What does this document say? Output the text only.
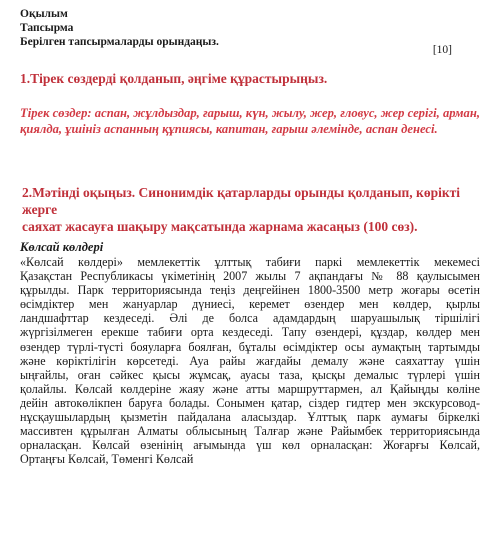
Оқылым
Тапсырма
Берілген тапсырмаларды орындаңыз.
[10]
1.Тірек сөздерді қолданып, әңгіме құрастырыңыз.
Тірек сөздер: аспан, жұлдыздар, ғарыш, күн, жылу, жер, ғловус, жер серігі, арман, қиялда, ұшініз аспанның құпиясы, капитан, ғарыш әлемінде, аспан денесі.
2.Мәтінді оқыңыз. Синонимдік қатарларды орынды қолданып, көрікті жерге
саяхат жасауға шақыру мақсатында жарнама жасаңыз (100 сөз).
Көлсай көлдері
«Көлсай көлдері» мемлекеттік ұлттық табиғи паркі мемлекеттік мекемесі
Қазақстан Республикасы үкіметінің 2007 жылы 7 ақпандағы № 88 қаулысымен
құрылды. Парк территориясында теңіз деңгейінен 1800-3500 метр жоғары өсетін
өсімдіктер мен жануарлар дүниесі, керемет өзендер мен көлдер, қырлы
ландшафттар кездеседі. Әлі де болса адамдардың шаруашылық тіршілігі
жүргізілмеген ерекше табиғи орта кездеседі. Тапу өзендері, құздар, көлдер мен
өзендер түрлі-түсті бояуларға боялған, бұталы өсімдіктер осы аумақтың тартымды
және көріктілігін көрсетеді. Ауа райы жағдайы демалу және саяхаттау үшін
ыңғайлы, оған сәйкес қысы жұмсақ, ауасы таза, қысқы демалыс түрлері үшін
қолайлы. Көлсай көлдеріне жаяу және атты маршруттармен, ал Қайыңды көліне
дейін автокөлікпен баруға болады. Сонымен қатар, сіздер гидтер мен экскурсовод-
нұсқаушылардың қызметін пайдалана аласыздар. Ұлттық парк аумағы біркелкі
массивтен құрылған Алматы облысының Талғар және Райымбек территориясында
орналасқан. Көлсай өзенінің ағымында үш көл орналасқан: Жоғарғы Көлсай,
Ортаңғы Көлсай, Төменгі Көлсай
